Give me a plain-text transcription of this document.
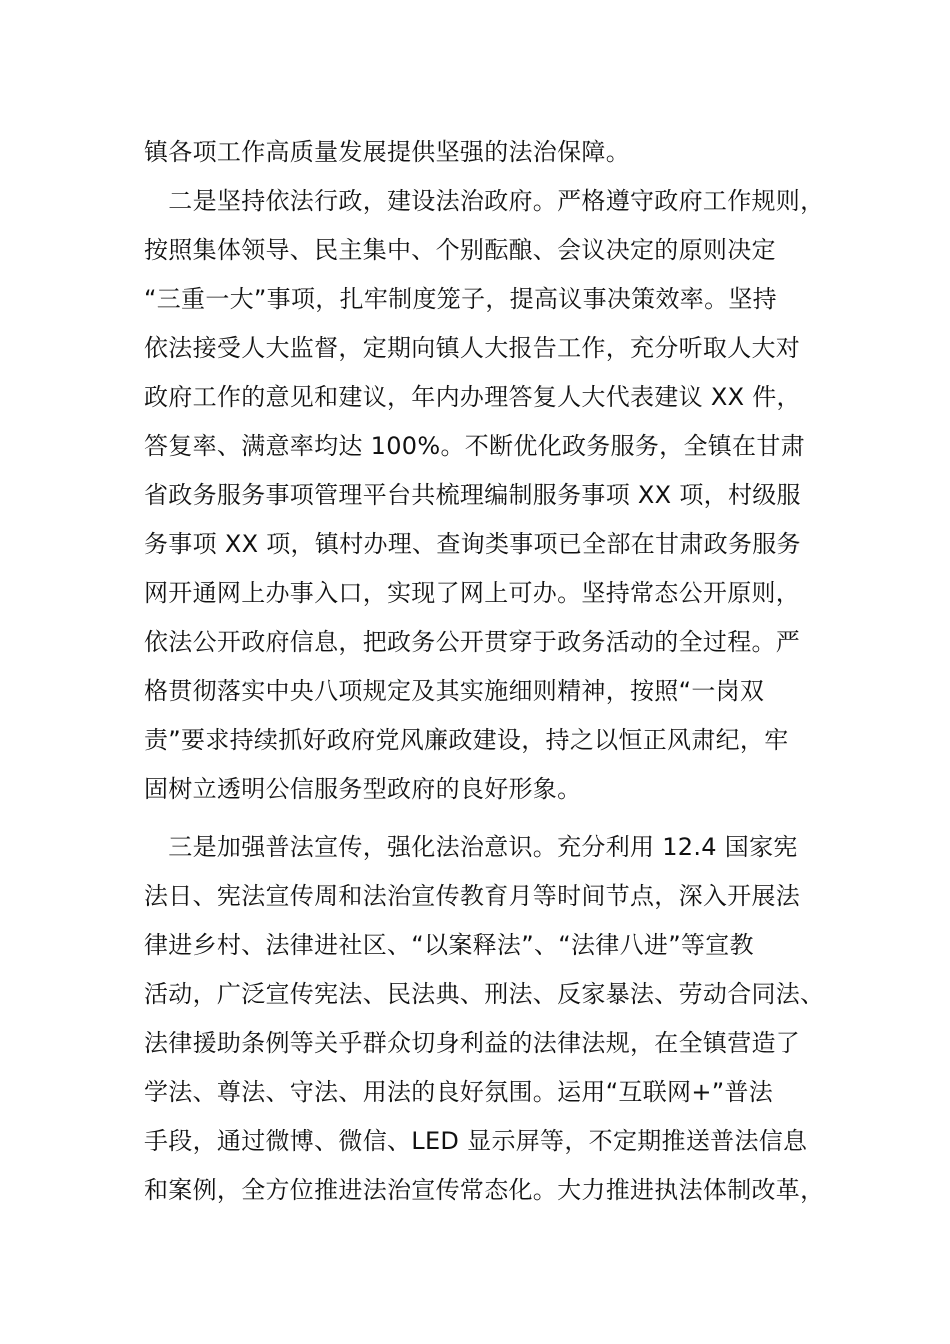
镇各项工作高质量发展提供坚强的法治保障。
　二是坚持依法行政，建设法治政府。严格遵守政府工作规则，
按照集体领导、民主集中、个别酝酿、会议决定的原则决定
“三重一大”事项，扎牢制度笼子，提高议事决策效率。坚持
依法接受人大监督，定期向镇人大报告工作，充分听取人大对
政府工作的意见和建议，年内办理答复人大代表建议 XX 件，
答复率、满意率均达 100%。不断优化政务服务，全镇在甘肃
省政务服务事项管理平台共梳理编制服务事项 XX 项，村级服
务事项 XX 项，镇村办理、查询类事项已全部在甘肃政务服务
网开通网上办事入口，实现了网上可办。坚持常态公开原则，
依法公开政府信息，把政务公开贯穿于政务活动的全过程。严
格贯彻落实中央八项规定及其实施细则精神，按照“一岗双
责”要求持续抓好政府党风廉政建设，持之以恒正风肃纪，牢
固树立透明公信服务型政府的良好形象。
　三是加强普法宣传，强化法治意识。充分利用 12.4 国家宪
法日、宪法宣传周和法治宣传教育月等时间节点，深入开展法
律进乡村、法律进社区、“以案释法”、“法律八进”等宣教
活动，广泛宣传宪法、民法典、刑法、反家暴法、劳动合同法、
法律援助条例等关乎群众切身利益的法律法规，在全镇营造了
学法、尊法、守法、用法的良好氛围。运用“互联网+”普法
手段，通过微博、微信、LED 显示屏等，不定期推送普法信息
和案例，全方位推进法治宣传常态化。大力推进执法体制改革，
